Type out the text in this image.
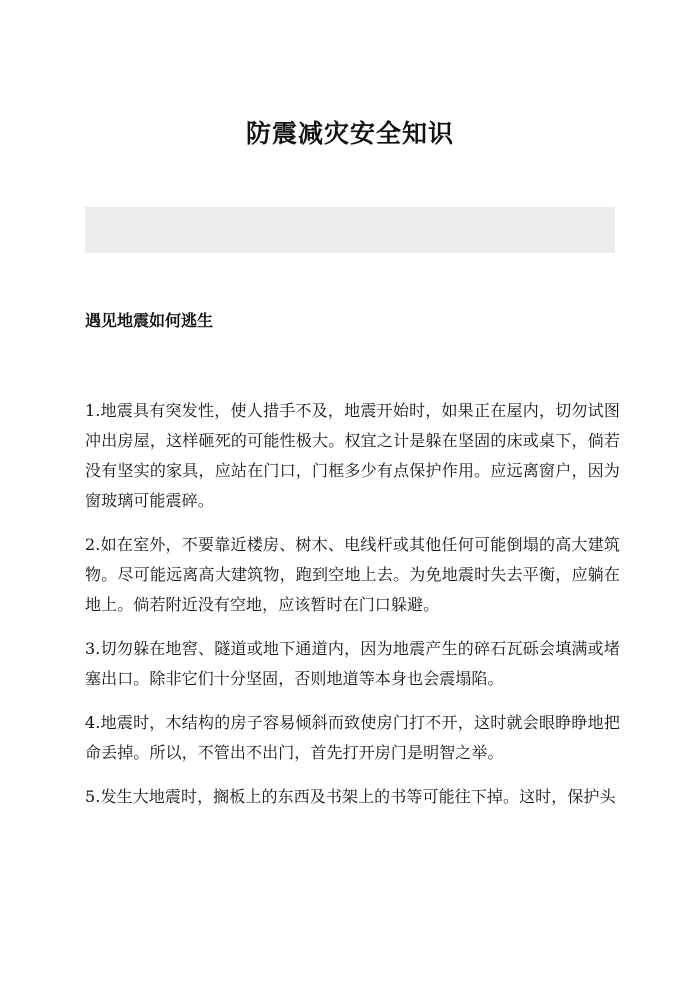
防震减灾安全知识
遇见地震如何逃生

1.地震具有突发性，使人措手不及，地震开始时，如果正在屋内，切勿试图冲出房屋，这样砸死的可能性极大。权宜之计是躲在坚固的床或桌下，倘若没有坚实的家具，应站在门口，门框多少有点保护作用。应远离窗户，因为窗玻璃可能震碎。

2.如在室外，不要靠近楼房、树木、电线杆或其他任何可能倒塌的高大建筑物。尽可能远离高大建筑物，跑到空地上去。为免地震时失去平衡，应躺在地上。倘若附近没有空地，应该暂时在门口躲避。

3.切勿躲在地窖、隧道或地下通道内，因为地震产生的碎石瓦砾会填满或堵塞出口。除非它们十分坚固，否则地道等本身也会震塌陷。

4.地震时，木结构的房子容易倾斜而致使房门打不开，这时就会眼睁睁地把命丢掉。所以，不管出不出门，首先打开房门是明智之举。

5.发生大地震时，搁板上的东西及书架上的书等可能往下掉。这时，保护头
